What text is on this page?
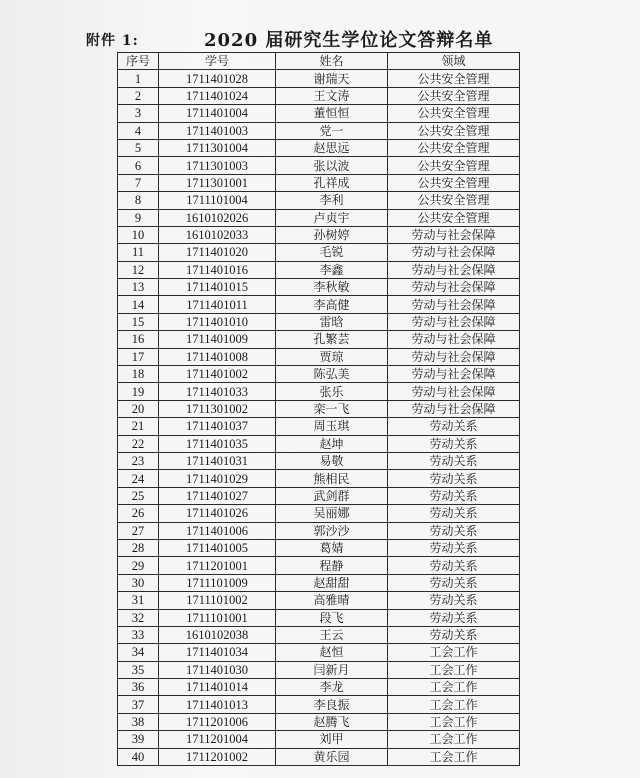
附件 1:	2020 届研究生学位论文答辩名单
序号	学号	姓名	领域
1	1711401028	谢瑞天	公共安全管理
2	1711401024	王文涛	公共安全管理
3	1711401004	董恒恒	公共安全管理
4	1711401003	党一	公共安全管理
5	1711301004	赵思远	公共安全管理
6	1711301003	张以波	公共安全管理
7	1711301001	孔祥成	公共安全管理
8	1711101004	李利	公共安全管理
9	1610102026	卢贞宇	公共安全管理
10	1610102033	孙树婷	劳动与社会保障
11	1711401020	毛锐	劳动与社会保障
12	1711401016	李鑫	劳动与社会保障
13	1711401015	李秋敏	劳动与社会保障
14	1711401011	李高健	劳动与社会保障
15	1711401010	雷晗	劳动与社会保障
16	1711401009	孔繁芸	劳动与社会保障
17	1711401008	贾琼	劳动与社会保障
18	1711401002	陈弘美	劳动与社会保障
19	1711401033	张乐	劳动与社会保障
20	1711301002	栾一飞	劳动与社会保障
21	1711401037	周玉琪	劳动关系
22	1711401035	赵坤	劳动关系
23	1711401031	易敬	劳动关系
24	1711401029	熊相民	劳动关系
25	1711401027	武剑群	劳动关系
26	1711401026	吴丽娜	劳动关系
27	1711401006	郭沙沙	劳动关系
28	1711401005	葛婧	劳动关系
29	1711201001	程静	劳动关系
30	1711101009	赵甜甜	劳动关系
31	1711101002	高雅晴	劳动关系
32	1711101001	段飞	劳动关系
33	1610102038	王云	劳动关系
34	1711401034	赵恒	工会工作
35	1711401030	闫新月	工会工作
36	1711401014	李龙	工会工作
37	1711401013	李良振	工会工作
38	1711201006	赵腾飞	工会工作
39	1711201004	刘甲	工会工作
40	1711201002	黄乐园	工会工作
